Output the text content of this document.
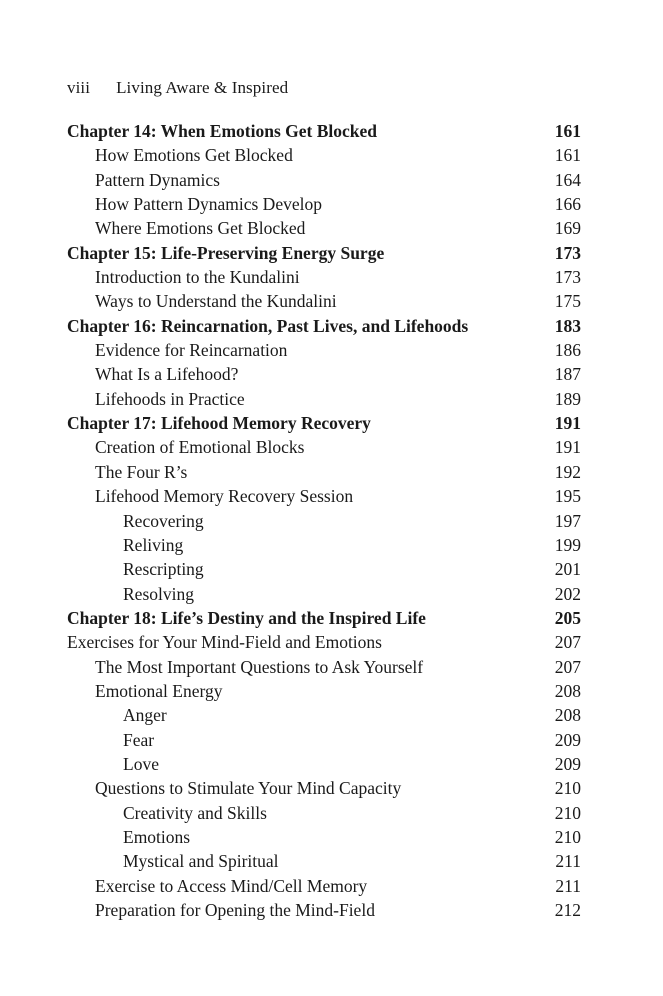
viii Living Aware & Inspired
Chapter 14: When Emotions Get Blocked	161
How Emotions Get Blocked	161
Pattern Dynamics	164
How Pattern Dynamics Develop	166
Where Emotions Get Blocked	169
Chapter 15: Life-Preserving Energy Surge	173
Introduction to the Kundalini	173
Ways to Understand the Kundalini	175
Chapter 16: Reincarnation, Past Lives, and Lifehoods	183
Evidence for Reincarnation	186
What Is a Lifehood?	187
Lifehoods in Practice	189
Chapter 17: Lifehood Memory Recovery	191
Creation of Emotional Blocks	191
The Four R’s	192
Lifehood Memory Recovery Session	195
Recovering	197
Reliving	199
Rescripting	201
Resolving	202
Chapter 18: Life’s Destiny and the Inspired Life	205
Exercises for Your Mind-Field and Emotions	207
The Most Important Questions to Ask Yourself	207
Emotional Energy	208
Anger	208
Fear	209
Love	209
Questions to Stimulate Your Mind Capacity	210
Creativity and Skills	210
Emotions	210
Mystical and Spiritual	211
Exercise to Access Mind/Cell Memory	211
Preparation for Opening the Mind-Field	212
